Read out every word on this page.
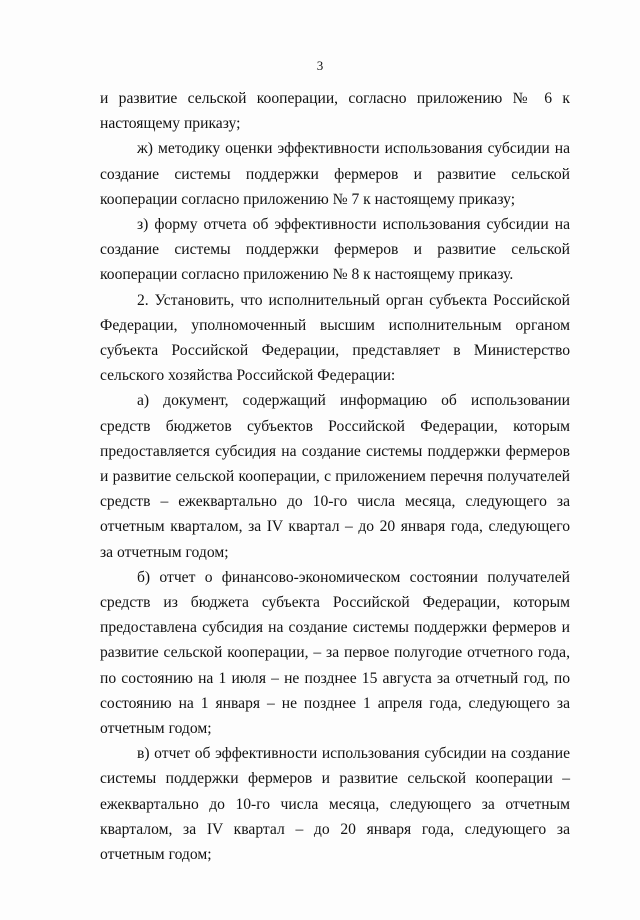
3

и развитие сельской кооперации, согласно приложению № 6 к настоящему приказу;

ж) методику оценки эффективности использования субсидии на создание системы поддержки фермеров и развитие сельской кооперации согласно приложению № 7 к настоящему приказу;

з) форму отчета об эффективности использования субсидии на создание системы поддержки фермеров и развитие сельской кооперации согласно приложению № 8 к настоящему приказу.

2. Установить, что исполнительный орган субъекта Российской Федерации, уполномоченный высшим исполнительным органом субъекта Российской Федерации, представляет в Министерство сельского хозяйства Российской Федерации:

а) документ, содержащий информацию об использовании средств бюджетов субъектов Российской Федерации, которым предоставляется субсидия на создание системы поддержки фермеров и развитие сельской кооперации, с приложением перечня получателей средств – ежеквартально до 10-го числа месяца, следующего за отчетным кварталом, за IV квартал – до 20 января года, следующего за отчетным годом;

б) отчет о финансово-экономическом состоянии получателей средств из бюджета субъекта Российской Федерации, которым предоставлена субсидия на создание системы поддержки фермеров и развитие сельской кооперации, – за первое полугодие отчетного года, по состоянию на 1 июля – не позднее 15 августа за отчетный год, по состоянию на 1 января – не позднее 1 апреля года, следующего за отчетным годом;

в) отчет об эффективности использования субсидии на создание системы поддержки фермеров и развитие сельской кооперации – ежеквартально до 10-го числа месяца, следующего за отчетным кварталом, за IV квартал – до 20 января года, следующего за отчетным годом;
